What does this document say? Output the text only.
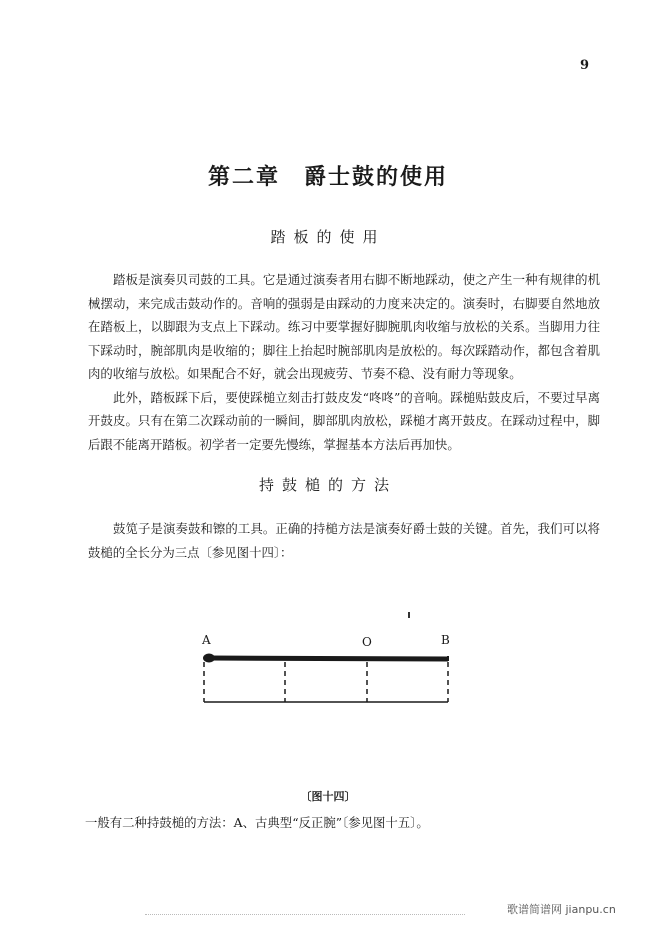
9
第二章　爵士鼓的使用
踏板的使用

踏板是演奏贝司鼓的工具。它是通过演奏者用右脚不断地踩动，使之产生一种有规律的机械摆动，来完成击鼓动作的。音响的强弱是由踩动的力度来决定的。演奏时，右脚要自然地放在踏板上，以脚跟为支点上下踩动。练习中要掌握好脚腕肌肉收缩与放松的关系。当脚用力往下踩动时，腕部肌肉是收缩的；脚往上抬起时腕部肌肉是放松的。每次踩踏动作，都包含着肌肉的收缩与放松。如果配合不好，就会出现疲劳、节奏不稳、没有耐力等现象。

此外，踏板踩下后，要使踩槌立刻击打鼓皮发“咚咚”的音响。踩槌贴鼓皮后，不要过早离开鼓皮。只有在第二次踩动前的一瞬间，脚部肌肉放松，踩槌才离开鼓皮。在踩动过程中，脚后跟不能离开踏板。初学者一定要先慢练，掌握基本方法后再加快。

持鼓槌的方法

鼓笕子是演奏鼓和镲的工具。正确的持槌方法是演奏好爵士鼓的关键。首先，我们可以将鼓槌的全长分为三点〔参见图十四〕：

A	O	B
〔图十四〕
一般有二种持鼓槌的方法：A、古典型“反正腕”〔参见图十五〕。
歌谱简谱网 jianpu.cn
